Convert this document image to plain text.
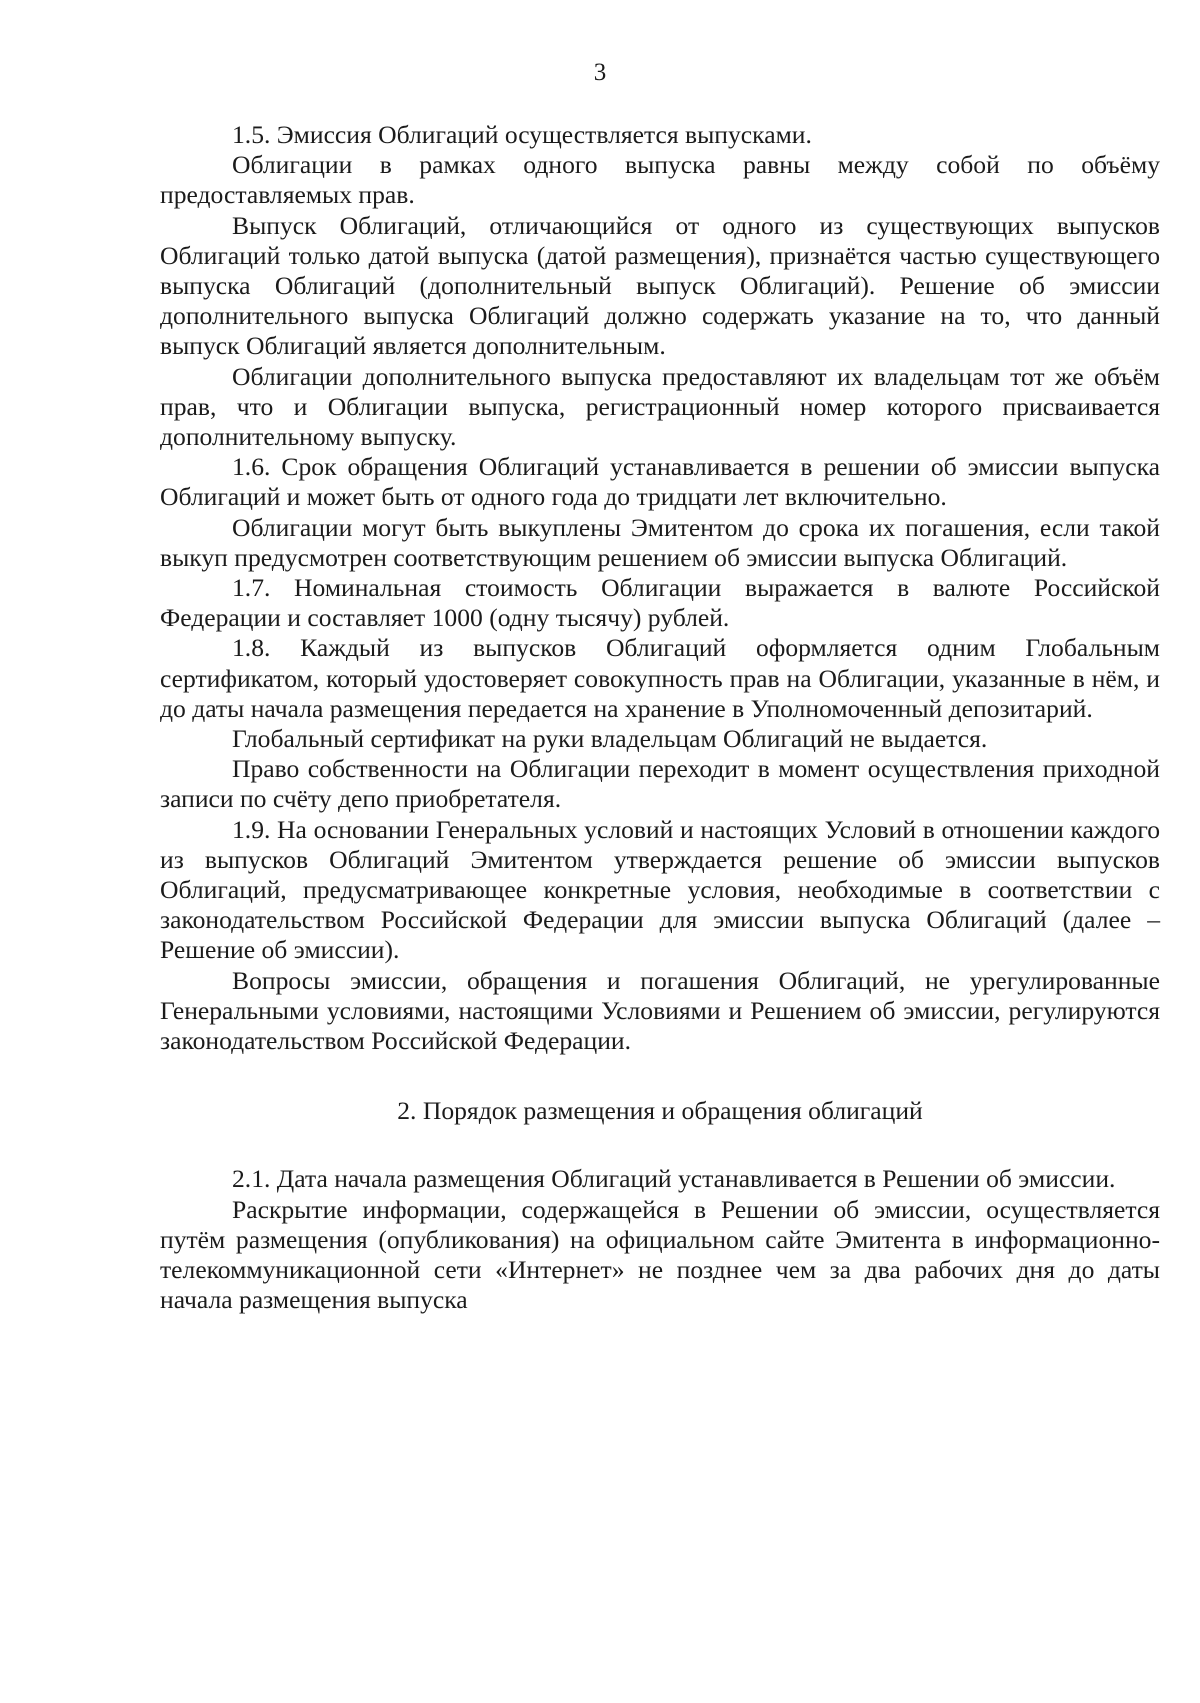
3

1.5. Эмиссия Облигаций осуществляется выпусками.

Облигации в рамках одного выпуска равны между собой по объёму предоставляемых прав.

Выпуск Облигаций, отличающийся от одного из существующих выпусков Облигаций только датой выпуска (датой размещения), признаётся частью существующего выпуска Облигаций (дополнительный выпуск Облигаций). Решение об эмиссии дополнительного выпуска Облигаций должно содержать указание на то, что данный выпуск Облигаций является дополнительным.

Облигации дополнительного выпуска предоставляют их владельцам тот же объём прав, что и Облигации выпуска, регистрационный номер которого присваивается дополнительному выпуску.

1.6. Срок обращения Облигаций устанавливается в решении об эмиссии выпуска Облигаций и может быть от одного года до тридцати лет включительно.

Облигации могут быть выкуплены Эмитентом до срока их погашения, если такой выкуп предусмотрен соответствующим решением об эмиссии выпуска Облигаций.

1.7. Номинальная стоимость Облигации выражается в валюте Российской Федерации и составляет 1000 (одну тысячу) рублей.

1.8. Каждый из выпусков Облигаций оформляется одним Глобальным сертификатом, который удостоверяет совокупность прав на Облигации, указанные в нём, и до даты начала размещения передается на хранение в Уполномоченный депозитарий.

Глобальный сертификат на руки владельцам Облигаций не выдается.

Право собственности на Облигации переходит в момент осуществления приходной записи по счёту депо приобретателя.

1.9. На основании Генеральных условий и настоящих Условий в отношении каждого из выпусков Облигаций Эмитентом утверждается решение об эмиссии выпусков Облигаций, предусматривающее конкретные условия, необходимые в соответствии с законодательством Российской Федерации для эмиссии выпуска Облигаций (далее – Решение об эмиссии).

Вопросы эмиссии, обращения и погашения Облигаций, не урегулированные Генеральными условиями, настоящими Условиями и Решением об эмиссии, регулируются законодательством Российской Федерации.

2. Порядок размещения и обращения облигаций

2.1. Дата начала размещения Облигаций устанавливается в Решении об эмиссии.

Раскрытие информации, содержащейся в Решении об эмиссии, осуществляется путём размещения (опубликования) на официальном сайте Эмитента в информационно-телекоммуникационной сети «Интернет» не позднее чем за два рабочих дня до даты начала размещения выпуска
